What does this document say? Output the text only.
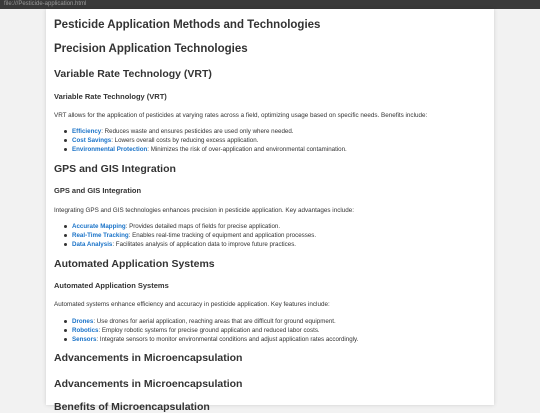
file:///Pesticide-application.html
Pesticide Application Methods and Technologies
Precision Application Technologies
Variable Rate Technology (VRT)
Variable Rate Technology (VRT)

VRT allows for the application of pesticides at varying rates across a field, optimizing usage based on specific needs. Benefits include:

Efficiency: Reduces waste and ensures pesticides are used only where needed.
Cost Savings: Lowers overall costs by reducing excess application.
Environmental Protection: Minimizes the risk of over-application and environmental contamination.
GPS and GIS Integration
GPS and GIS Integration

Integrating GPS and GIS technologies enhances precision in pesticide application. Key advantages include:

Accurate Mapping: Provides detailed maps of fields for precise application.
Real-Time Tracking: Enables real-time tracking of equipment and application processes.
Data Analysis: Facilitates analysis of application data to improve future practices.
Automated Application Systems
Automated Application Systems

Automated systems enhance efficiency and accuracy in pesticide application. Key features include:

Drones: Use drones for aerial application, reaching areas that are difficult for ground equipment.
Robotics: Employ robotic systems for precise ground application and reduced labor costs.
Sensors: Integrate sensors to monitor environmental conditions and adjust application rates accordingly.
Advancements in Microencapsulation
Advancements in Microencapsulation
Benefits of Microencapsulation
